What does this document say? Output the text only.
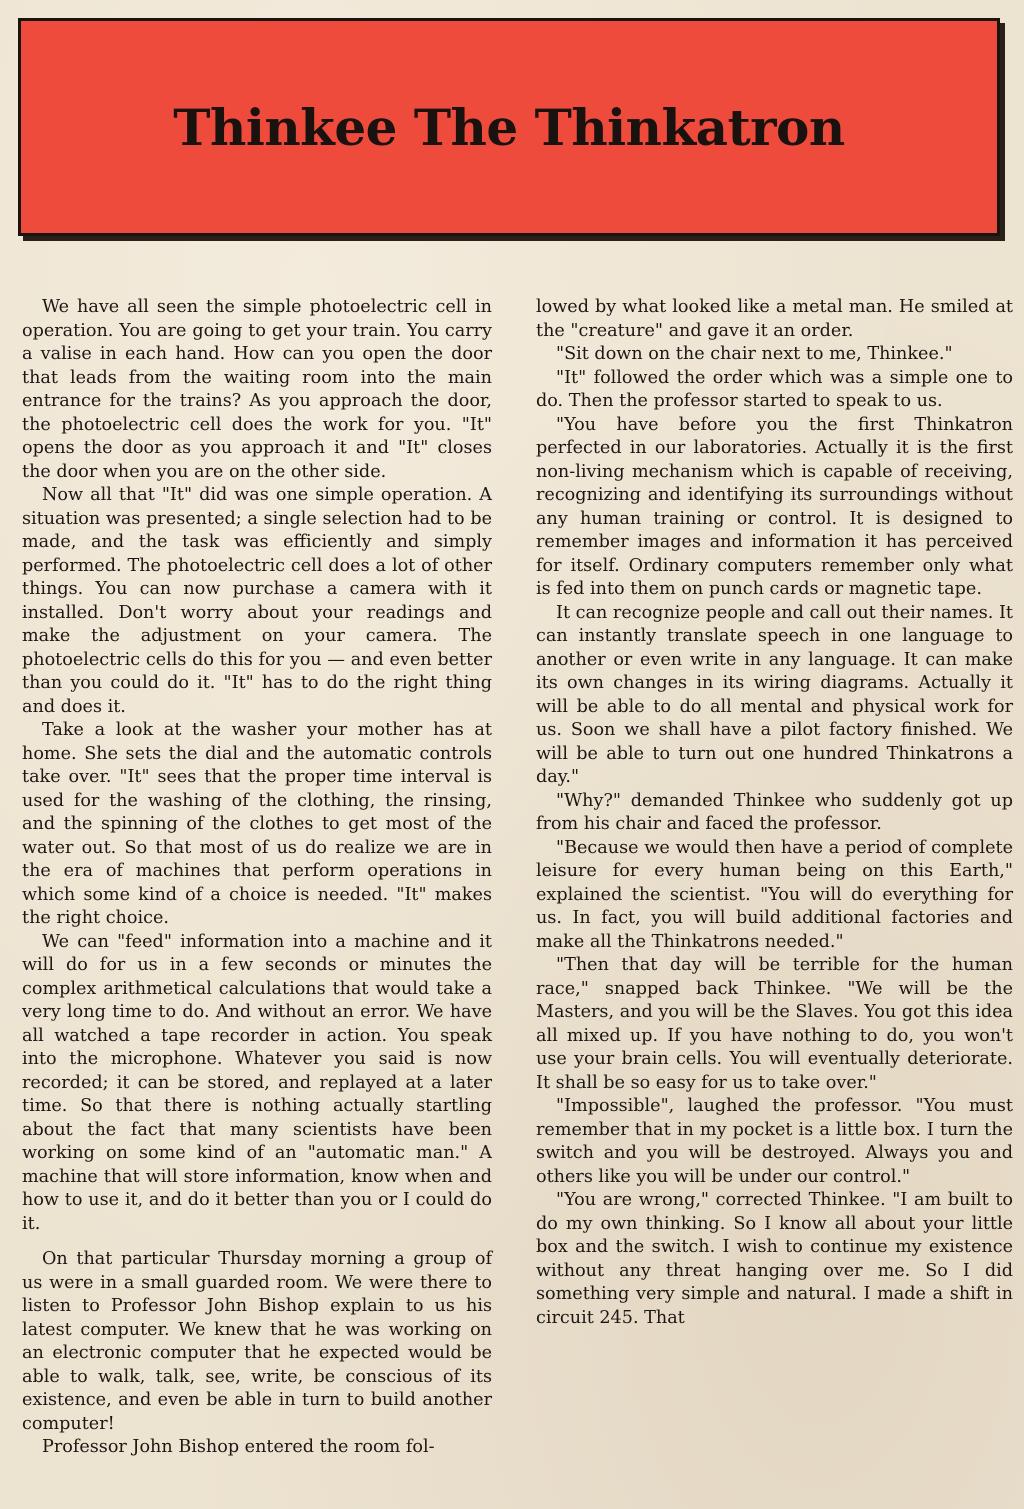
Thinkee The Thinkatron

We have all seen the simple photoelectric cell in operation. You are going to get your train. You carry a valise in each hand. How can you open the door that leads from the waiting room into the main entrance for the trains? As you approach the door, the photoelectric cell does the work for you. "It" opens the door as you approach it and "It" closes the door when you are on the other side.

Now all that "It" did was one simple operation. A situation was presented; a single selection had to be made, and the task was efficiently and simply performed. The photoelectric cell does a lot of other things. You can now purchase a camera with it installed. Don't worry about your readings and make the adjustment on your camera. The photoelectric cells do this for you — and even better than you could do it. "It" has to do the right thing and does it.

Take a look at the washer your mother has at home. She sets the dial and the automatic controls take over. "It" sees that the proper time interval is used for the washing of the clothing, the rinsing, and the spinning of the clothes to get most of the water out. So that most of us do realize we are in the era of machines that perform operations in which some kind of a choice is needed. "It" makes the right choice.

We can "feed" information into a machine and it will do for us in a few seconds or minutes the complex arithmetical calculations that would take a very long time to do. And without an error. We have all watched a tape recorder in action. You speak into the microphone. Whatever you said is now recorded; it can be stored, and replayed at a later time. So that there is nothing actually startling about the fact that many scientists have been working on some kind of an "automatic man." A machine that will store information, know when and how to use it, and do it better than you or I could do it.

On that particular Thursday morning a group of us were in a small guarded room. We were there to listen to Professor John Bishop explain to us his latest computer. We knew that he was working on an electronic computer that he expected would be able to walk, talk, see, write, be conscious of its existence, and even be able in turn to build another computer!

Professor John Bishop entered the room fol-

lowed by what looked like a metal man. He smiled at the "creature" and gave it an order.

"Sit down on the chair next to me, Thinkee."

"It" followed the order which was a simple one to do. Then the professor started to speak to us.

"You have before you the first Thinkatron perfected in our laboratories. Actually it is the first non-living mechanism which is capable of receiving, recognizing and identifying its surroundings without any human training or control. It is designed to remember images and information it has perceived for itself. Ordinary computers remember only what is fed into them on punch cards or magnetic tape.

It can recognize people and call out their names. It can instantly translate speech in one language to another or even write in any language. It can make its own changes in its wiring diagrams. Actually it will be able to do all mental and physical work for us. Soon we shall have a pilot factory finished. We will be able to turn out one hundred Thinkatrons a day."

"Why?" demanded Thinkee who suddenly got up from his chair and faced the professor.

"Because we would then have a period of complete leisure for every human being on this Earth," explained the scientist. "You will do everything for us. In fact, you will build additional factories and make all the Thinkatrons needed."

"Then that day will be terrible for the human race," snapped back Thinkee. "We will be the Masters, and you will be the Slaves. You got this idea all mixed up. If you have nothing to do, you won't use your brain cells. You will eventually deteriorate. It shall be so easy for us to take over."

"Impossible", laughed the professor. "You must remember that in my pocket is a little box. I turn the switch and you will be destroyed. Always you and others like you will be under our control."

"You are wrong," corrected Thinkee. "I am built to do my own thinking. So I know all about your little box and the switch. I wish to continue my existence without any threat hanging over me. So I did something very simple and natural. I made a shift in circuit 245. That
